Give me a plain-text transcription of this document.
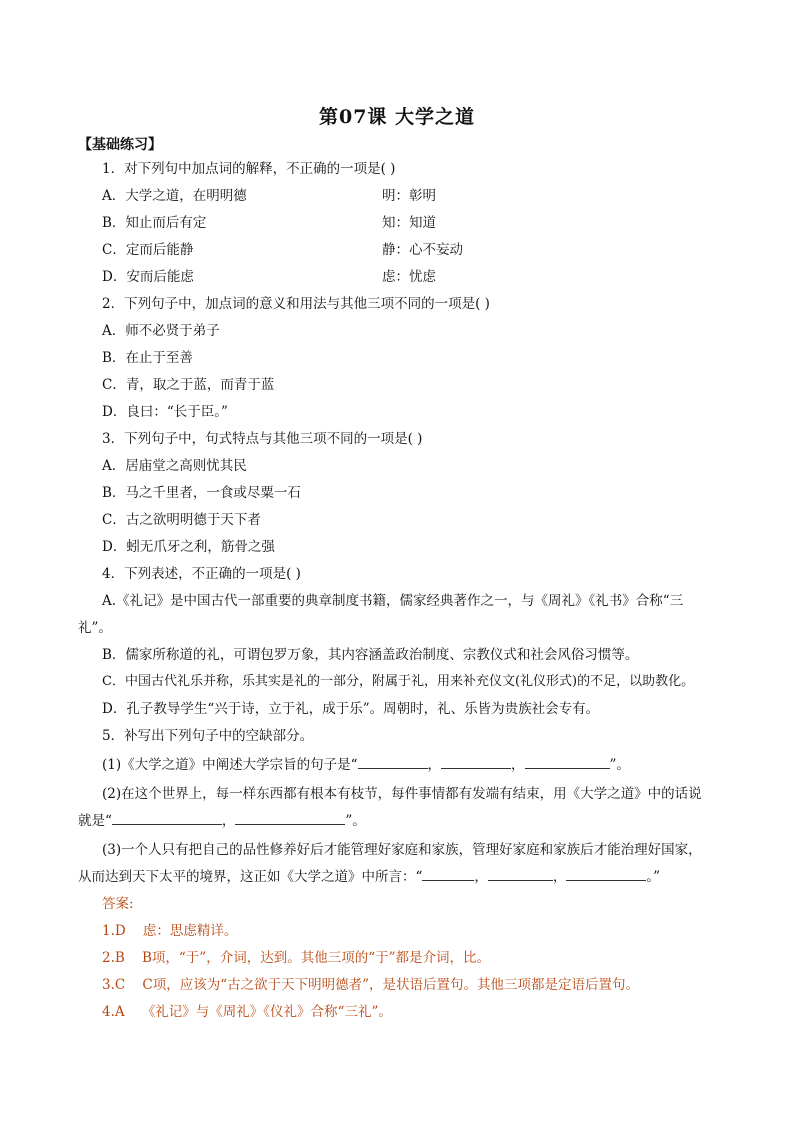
第07课 大学之道
【基础练习】
1．对下列句中加点词的解释，不正确的一项是( )
A．大学之道，在明明德	明：彰明
B．知止而后有定	知：知道
C．定而后能静	静：心不妄动
D．安而后能虑	虑：忧虑
2．下列句子中，加点词的意义和用法与其他三项不同的一项是( )
A．师不必贤于弟子
B．在止于至善
C．青，取之于蓝，而青于蓝
D．良曰：“长于臣。”
3．下列句子中，句式特点与其他三项不同的一项是( )
A．居庙堂之高则忧其民
B．马之千里者，一食或尽粟一石
C．古之欲明明德于天下者
D．蚓无爪牙之利，筋骨之强
4．下列表述，不正确的一项是( )
A.《礼记》是中国古代一部重要的典章制度书籍，儒家经典著作之一，与《周礼》《礼书》合称“三
礼”。
B．儒家所称道的礼，可谓包罗万象，其内容涵盖政治制度、宗教仪式和社会风俗习惯等。
C．中国古代礼乐并称，乐其实是礼的一部分，附属于礼，用来补充仪文(礼仪形式)的不足，以助教化。
D．孔子教导学生“兴于诗，立于礼，成于乐”。周朝时，礼、乐皆为贵族社会专有。
5．补写出下列句子中的空缺部分。
(1)《大学之道》中阐述大学宗旨的句子是“	，	，	”。
(2)在这个世界上，每一样东西都有根本有枝节，每件事情都有发端有结束，用《大学之道》中的话说
就是“	，	”。
(3)一个人只有把自己的品性修养好后才能管理好家庭和家族，管理好家庭和家族后才能治理好国家，
从而达到天下太平的境界，这正如《大学之道》中所言：“	，	，	。”
答案:
1.D 虑：思虑精详。
2.B B项，“于”，介词，达到。其他三项的“于”都是介词，比。
3.C C项，应该为“古之欲于天下明明德者”，是状语后置句。其他三项都是定语后置句。
4.A 《礼记》与《周礼》《仪礼》合称“三礼”。
